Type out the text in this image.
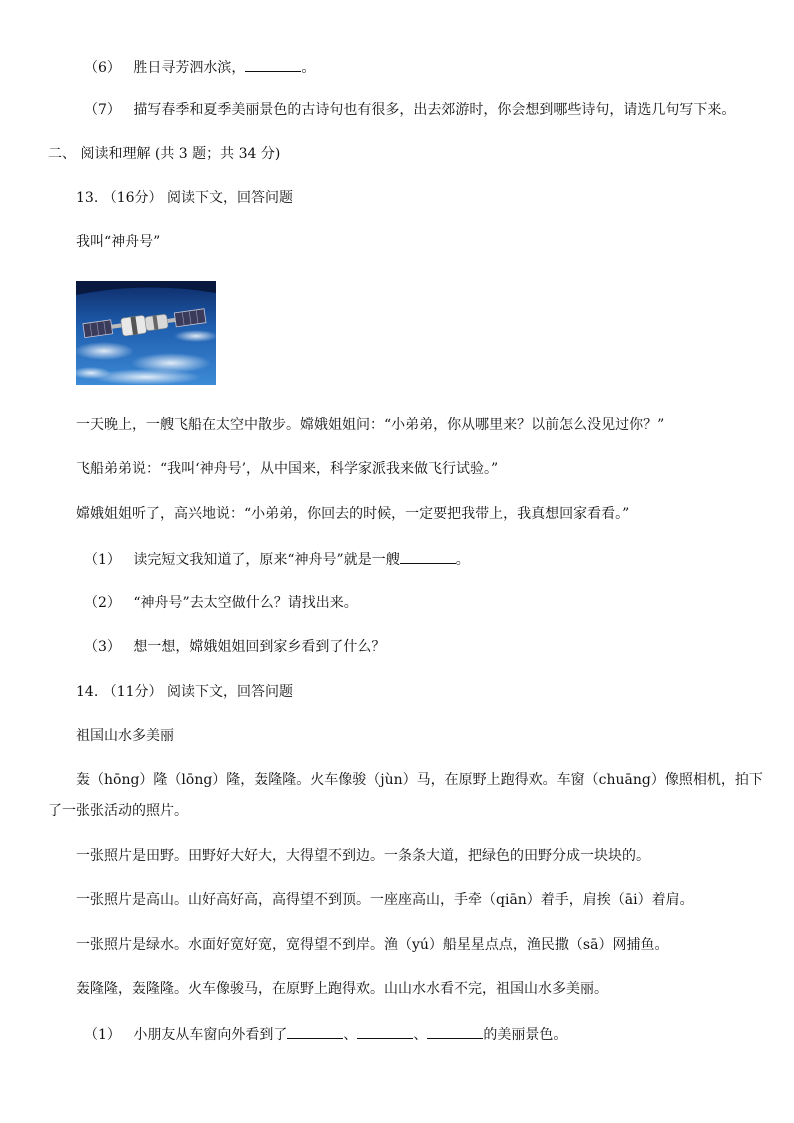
（6） 胜日寻芳泗水滨，	。
（7） 描写春季和夏季美丽景色的古诗句也有很多，出去郊游时，你会想到哪些诗句，请选几句写下来。
二、 阅读和理解 (共 3 题；共 34 分)
13. （16分） 阅读下文，回答问题
我叫“神舟号”
一天晚上，一艘飞船在太空中散步。嫦娥姐姐问：“小弟弟，你从哪里来？以前怎么没见过你？”
飞船弟弟说：“我叫‘神舟号’，从中国来，科学家派我来做飞行试验。”
嫦娥姐姐听了，高兴地说：“小弟弟，你回去的时候，一定要把我带上，我真想回家看看。”
（1） 读完短文我知道了，原来“神舟号”就是一艘	。
（2） “神舟号”去太空做什么？请找出来。
（3） 想一想，嫦娥姐姐回到家乡看到了什么？
14. （11分） 阅读下文，回答问题
祖国山水多美丽
轰（hōng）隆（lōng）隆，轰隆隆。火车像骏（jùn）马，在原野上跑得欢。车窗（chuāng）像照相机，拍下
了一张张活动的照片。
一张照片是田野。田野好大好大，大得望不到边。一条条大道，把绿色的田野分成一块块的。
一张照片是高山。山好高好高，高得望不到顶。一座座高山，手牵（qiān）着手，肩挨（āi）着肩。
一张照片是绿水。水面好宽好宽，宽得望不到岸。渔（yú）船星星点点，渔民撒（sā）网捕鱼。
轰隆隆，轰隆隆。火车像骏马，在原野上跑得欢。山山水水看不完，祖国山水多美丽。
（1） 小朋友从车窗向外看到了	、	、	的美丽景色。
